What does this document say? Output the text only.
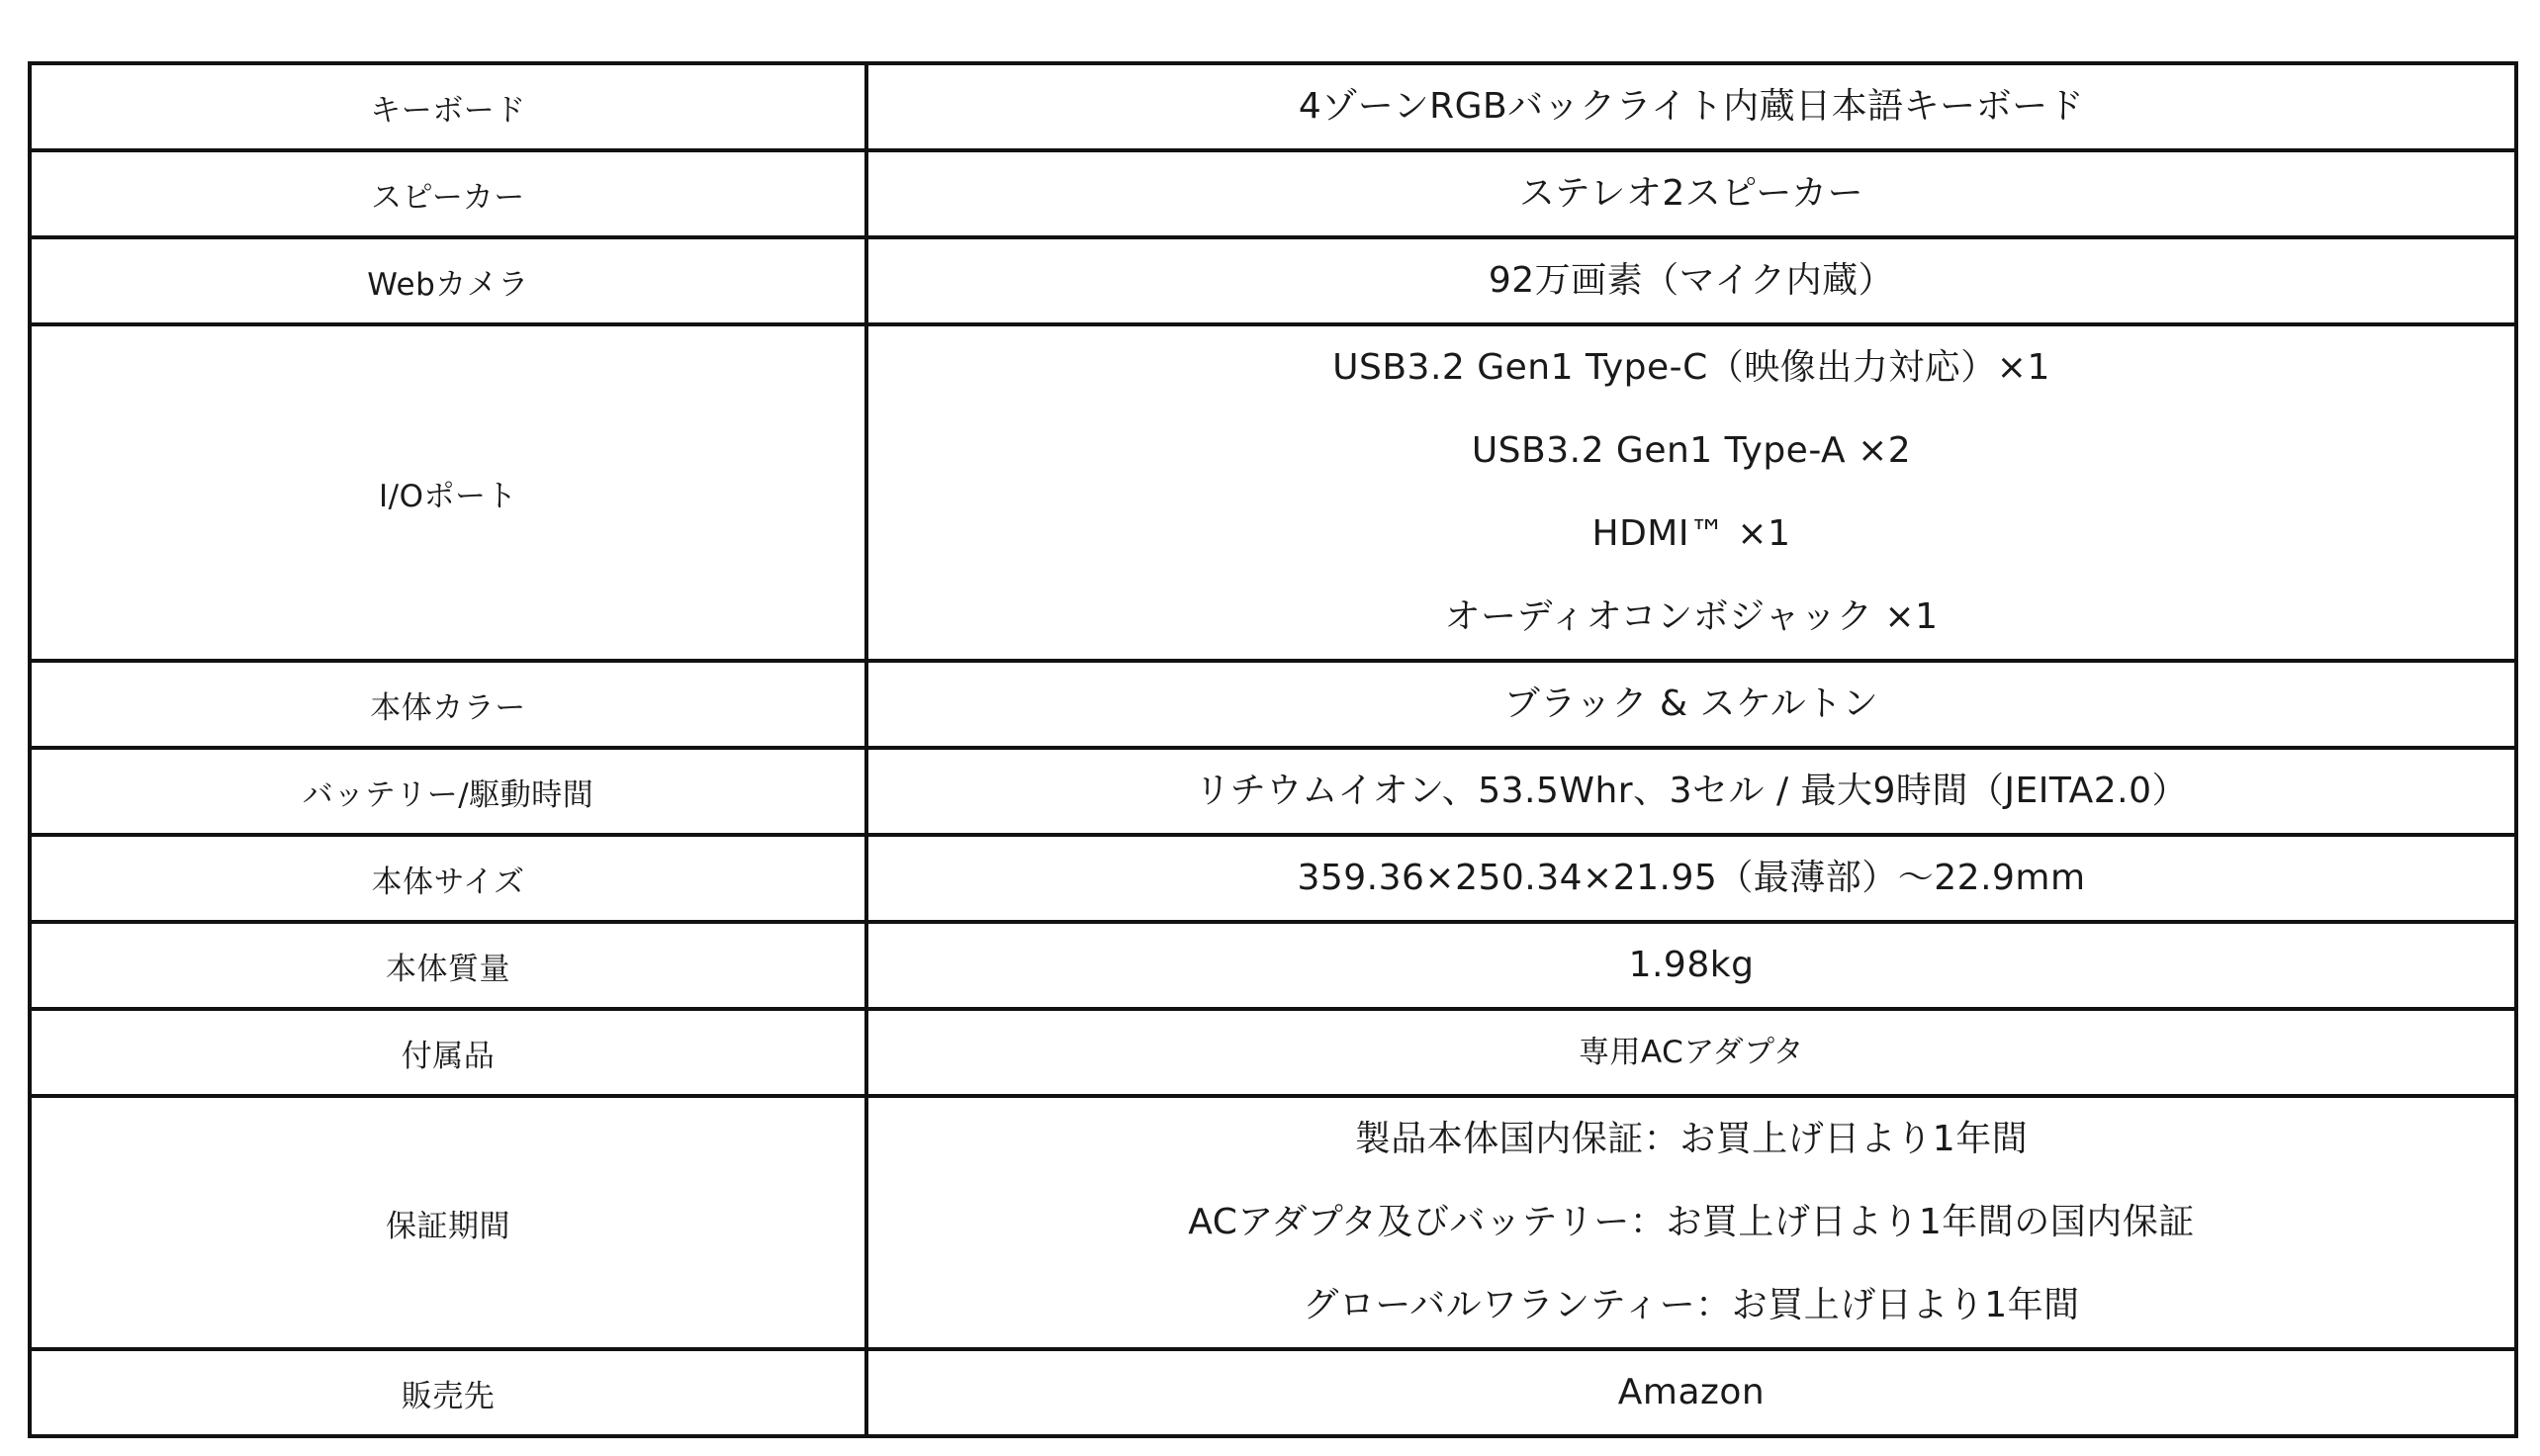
キーボード	4ゾーンRGBバックライト内蔵日本語キーボード

スピーカー	ステレオ2スピーカー

Webカメラ	92万画素（マイク内蔵）

I/Oポート	USB3.2 Gen1 Type-C（映像出力対応）×1
USB3.2 Gen1 Type-A ×2
HDMI™ ×1
オーディオコンボジャック ×1

本体カラー	ブラック & スケルトン

バッテリー/駆動時間	リチウムイオン、53.5Whr、3セル / 最大9時間（JEITA2.0）

本体サイズ	359.36×250.34×21.95（最薄部）～22.9mm

本体質量	1.98kg

付属品	専用ACアダプタ

保証期間	製品本体国内保証：お買上げ日より1年間
ACアダプタ及びバッテリー：お買上げ日より1年間の国内保証
グローバルワランティー：お買上げ日より1年間

販売先	Amazon
